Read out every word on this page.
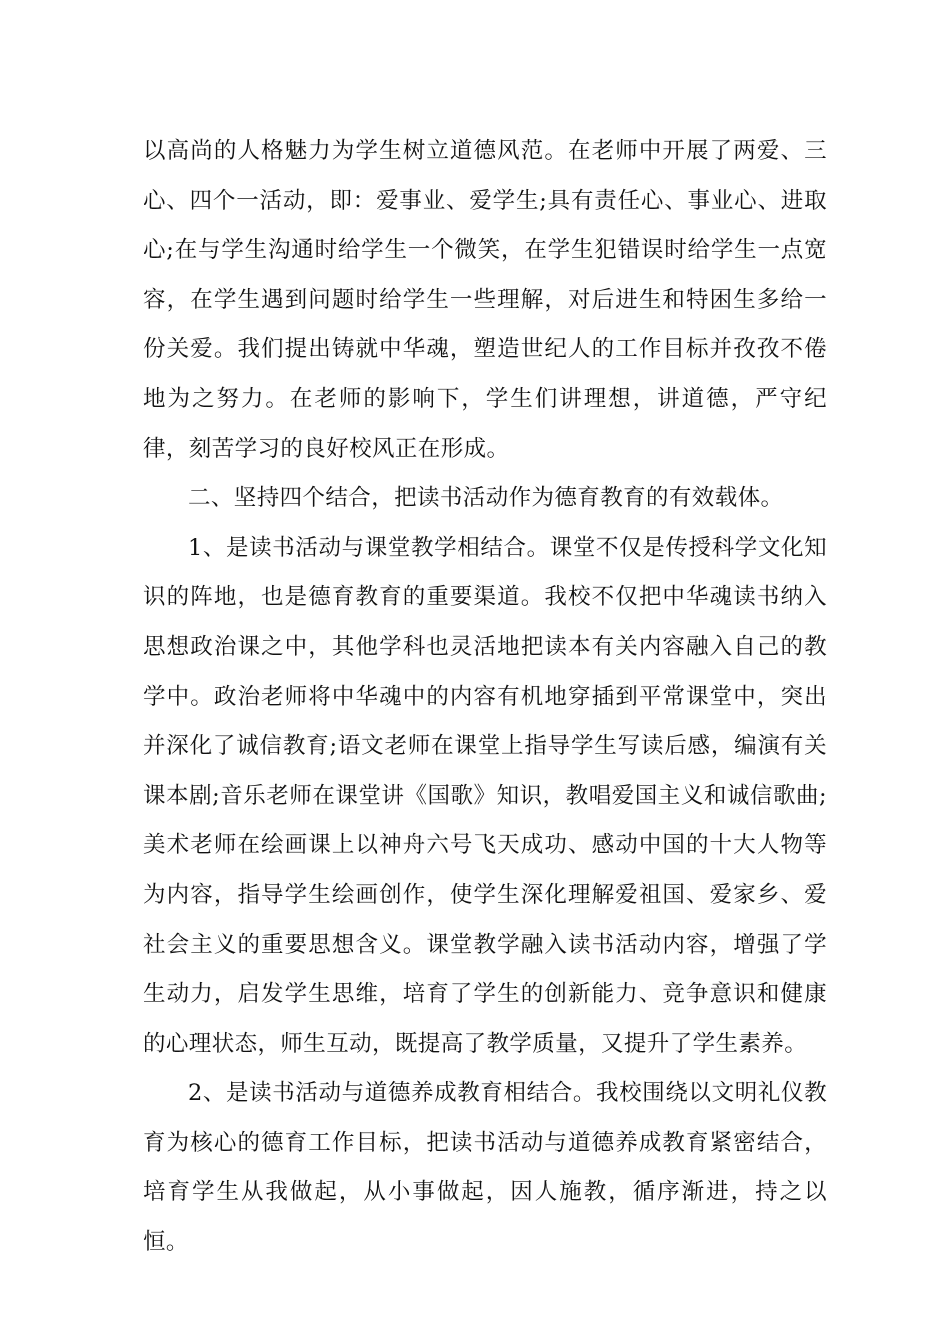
以高尚的人格魅力为学生树立道德风范。在老师中开展了两爱、三心、四个一活动，即：爱事业、爱学生;具有责任心、事业心、进取心;在与学生沟通时给学生一个微笑，在学生犯错误时给学生一点宽容，在学生遇到问题时给学生一些理解，对后进生和特困生多给一份关爱。我们提出铸就中华魂，塑造世纪人的工作目标并孜孜不倦地为之努力。在老师的影响下，学生们讲理想，讲道德，严守纪律，刻苦学习的良好校风正在形成。

二、坚持四个结合，把读书活动作为德育教育的有效载体。

1、是读书活动与课堂教学相结合。课堂不仅是传授科学文化知识的阵地，也是德育教育的重要渠道。我校不仅把中华魂读书纳入思想政治课之中，其他学科也灵活地把读本有关内容融入自己的教学中。政治老师将中华魂中的内容有机地穿插到平常课堂中，突出并深化了诚信教育;语文老师在课堂上指导学生写读后感，编演有关课本剧;音乐老师在课堂讲《国歌》知识，教唱爱国主义和诚信歌曲;美术老师在绘画课上以神舟六号飞天成功、感动中国的十大人物等为内容，指导学生绘画创作，使学生深化理解爱祖国、爱家乡、爱社会主义的重要思想含义。课堂教学融入读书活动内容，增强了学生动力，启发学生思维，培育了学生的创新能力、竞争意识和健康的心理状态，师生互动，既提高了教学质量，又提升了学生素养。

2、是读书活动与道德养成教育相结合。我校围绕以文明礼仪教育为核心的德育工作目标，把读书活动与道德养成教育紧密结合，培育学生从我做起，从小事做起，因人施教，循序渐进，持之以恒。
